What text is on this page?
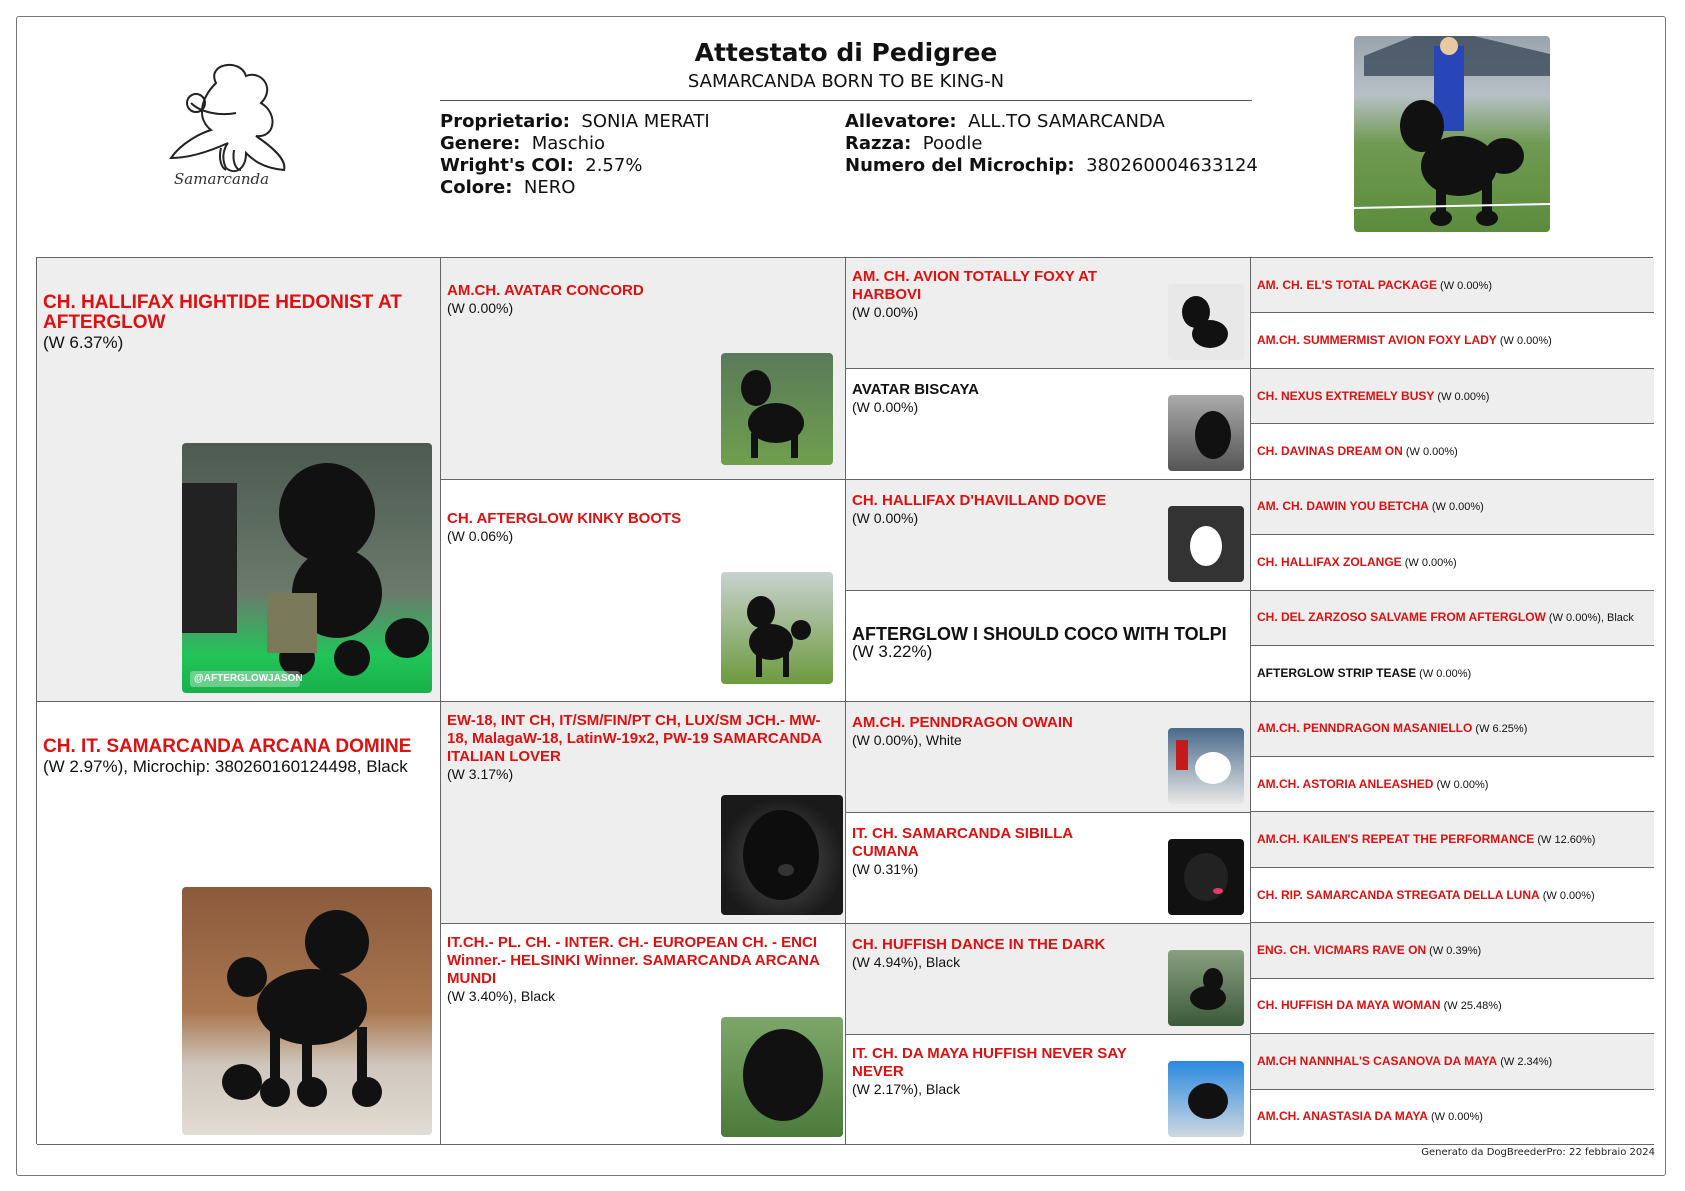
Samarcanda
Attestato di Pedigree
SAMARCANDA BORN TO BE KING-N
Proprietario: SONIA MERATI
Genere: Maschio
Wright's COI: 2.57%
Colore: NERO
Allevatore: ALL.TO SAMARCANDA
Razza: Poodle
Numero del Microchip: 380260004633124
CH. HALLIFAX HIGHTIDE HEDONIST AT AFTERGLOW
(W 6.37%)
@AFTERGLOWJASON
CH. IT. SAMARCANDA ARCANA DOMINE
(W 2.97%), Microchip: 380260160124498, Black
AM.CH. AVATAR CONCORD
(W 0.00%)
CH. AFTERGLOW KINKY BOOTS
(W 0.06%)
EW-18, INT CH, IT/SM/FIN/PT CH, LUX/SM JCH.- MW-18, MalagaW-18, LatinW-19x2, PW-19 SAMARCANDA ITALIAN LOVER
(W 3.17%)
IT.CH.- PL. CH. - INTER. CH.- EUROPEAN CH. - ENCI Winner.- HELSINKI Winner. SAMARCANDA ARCANA MUNDI
(W 3.40%), Black
AM. CH. AVION TOTALLY FOXY AT HARBOVI
(W 0.00%)
AVATAR BISCAYA
(W 0.00%)
CH. HALLIFAX D'HAVILLAND DOVE
(W 0.00%)
AFTERGLOW I SHOULD COCO WITH TOLPI
(W 3.22%)
AM.CH. PENNDRAGON OWAIN
(W 0.00%), White
IT. CH. SAMARCANDA SIBILLA CUMANA
(W 0.31%)
CH. HUFFISH DANCE IN THE DARK
(W 4.94%), Black
IT. CH. DA MAYA HUFFISH NEVER SAY NEVER
(W 2.17%), Black
AM. CH. EL'S TOTAL PACKAGE (W 0.00%)
AM.CH. SUMMERMIST AVION FOXY LADY (W 0.00%)
CH. NEXUS EXTREMELY BUSY (W 0.00%)
CH. DAVINAS DREAM ON (W 0.00%)
AM. CH. DAWIN YOU BETCHA (W 0.00%)
CH. HALLIFAX ZOLANGE (W 0.00%)
CH. DEL ZARZOSO SALVAME FROM AFTERGLOW (W 0.00%), Black
AFTERGLOW STRIP TEASE (W 0.00%)
AM.CH. PENNDRAGON MASANIELLO (W 6.25%)
AM.CH. ASTORIA ANLEASHED (W 0.00%)
AM.CH. KAILEN'S REPEAT THE PERFORMANCE (W 12.60%)
CH. RIP. SAMARCANDA STREGATA DELLA LUNA (W 0.00%)
ENG. CH. VICMARS RAVE ON (W 0.39%)
CH. HUFFISH DA MAYA WOMAN (W 25.48%)
AM.CH NANNHAL'S CASANOVA DA MAYA (W 2.34%)
AM.CH. ANASTASIA DA MAYA (W 0.00%)
Generato da DogBreederPro: 22 febbraio 2024
